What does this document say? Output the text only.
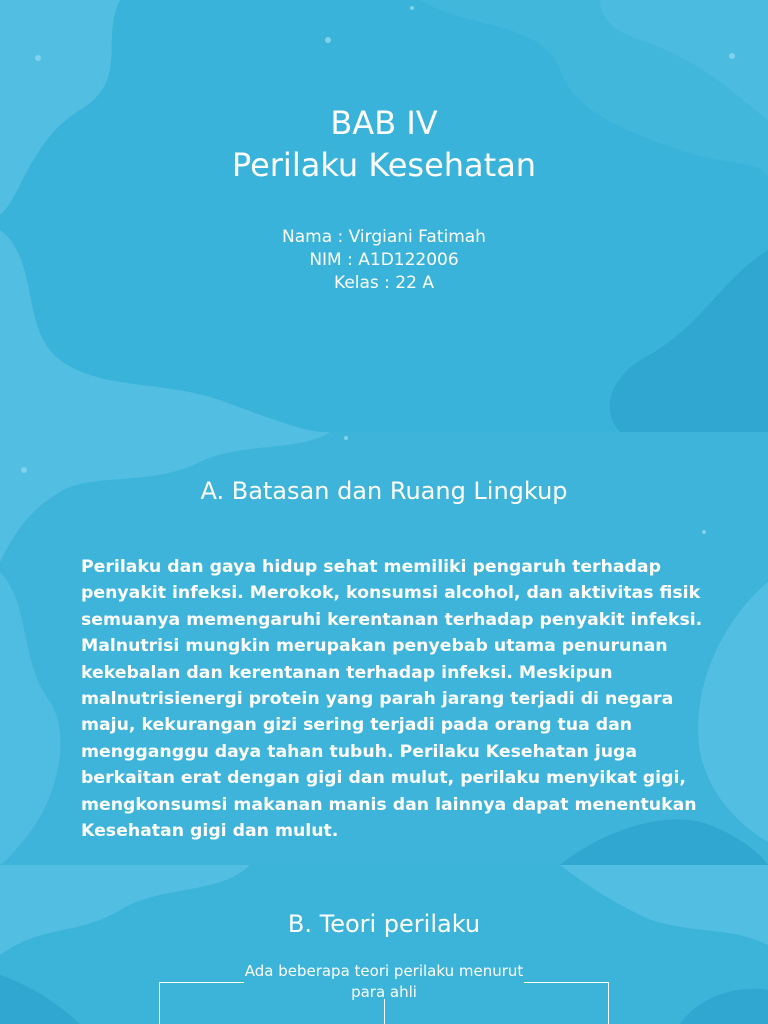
BAB IV
Perilaku Kesehatan
Nama : Virgiani Fatimah
NIM : A1D122006
Kelas : 22 A
A. Batasan dan Ruang Lingkup

Perilaku dan gaya hidup sehat memiliki pengaruh terhadap penyakit infeksi. Merokok, konsumsi alcohol, dan aktivitas fisik semuanya memengaruhi kerentanan terhadap penyakit infeksi. Malnutrisi mungkin merupakan penyebab utama penurunan kekebalan dan kerentanan terhadap infeksi. Meskipun malnutrisienergi protein yang parah jarang terjadi di negara maju, kekurangan gizi sering terjadi pada orang tua dan mengganggu daya tahan tubuh. Perilaku Kesehatan juga berkaitan erat dengan gigi dan mulut, perilaku menyikat gigi, mengkonsumsi makanan manis dan lainnya dapat menentukan Kesehatan gigi dan mulut.

B. Teori perilaku
Ada beberapa teori perilaku menurut para ahli
